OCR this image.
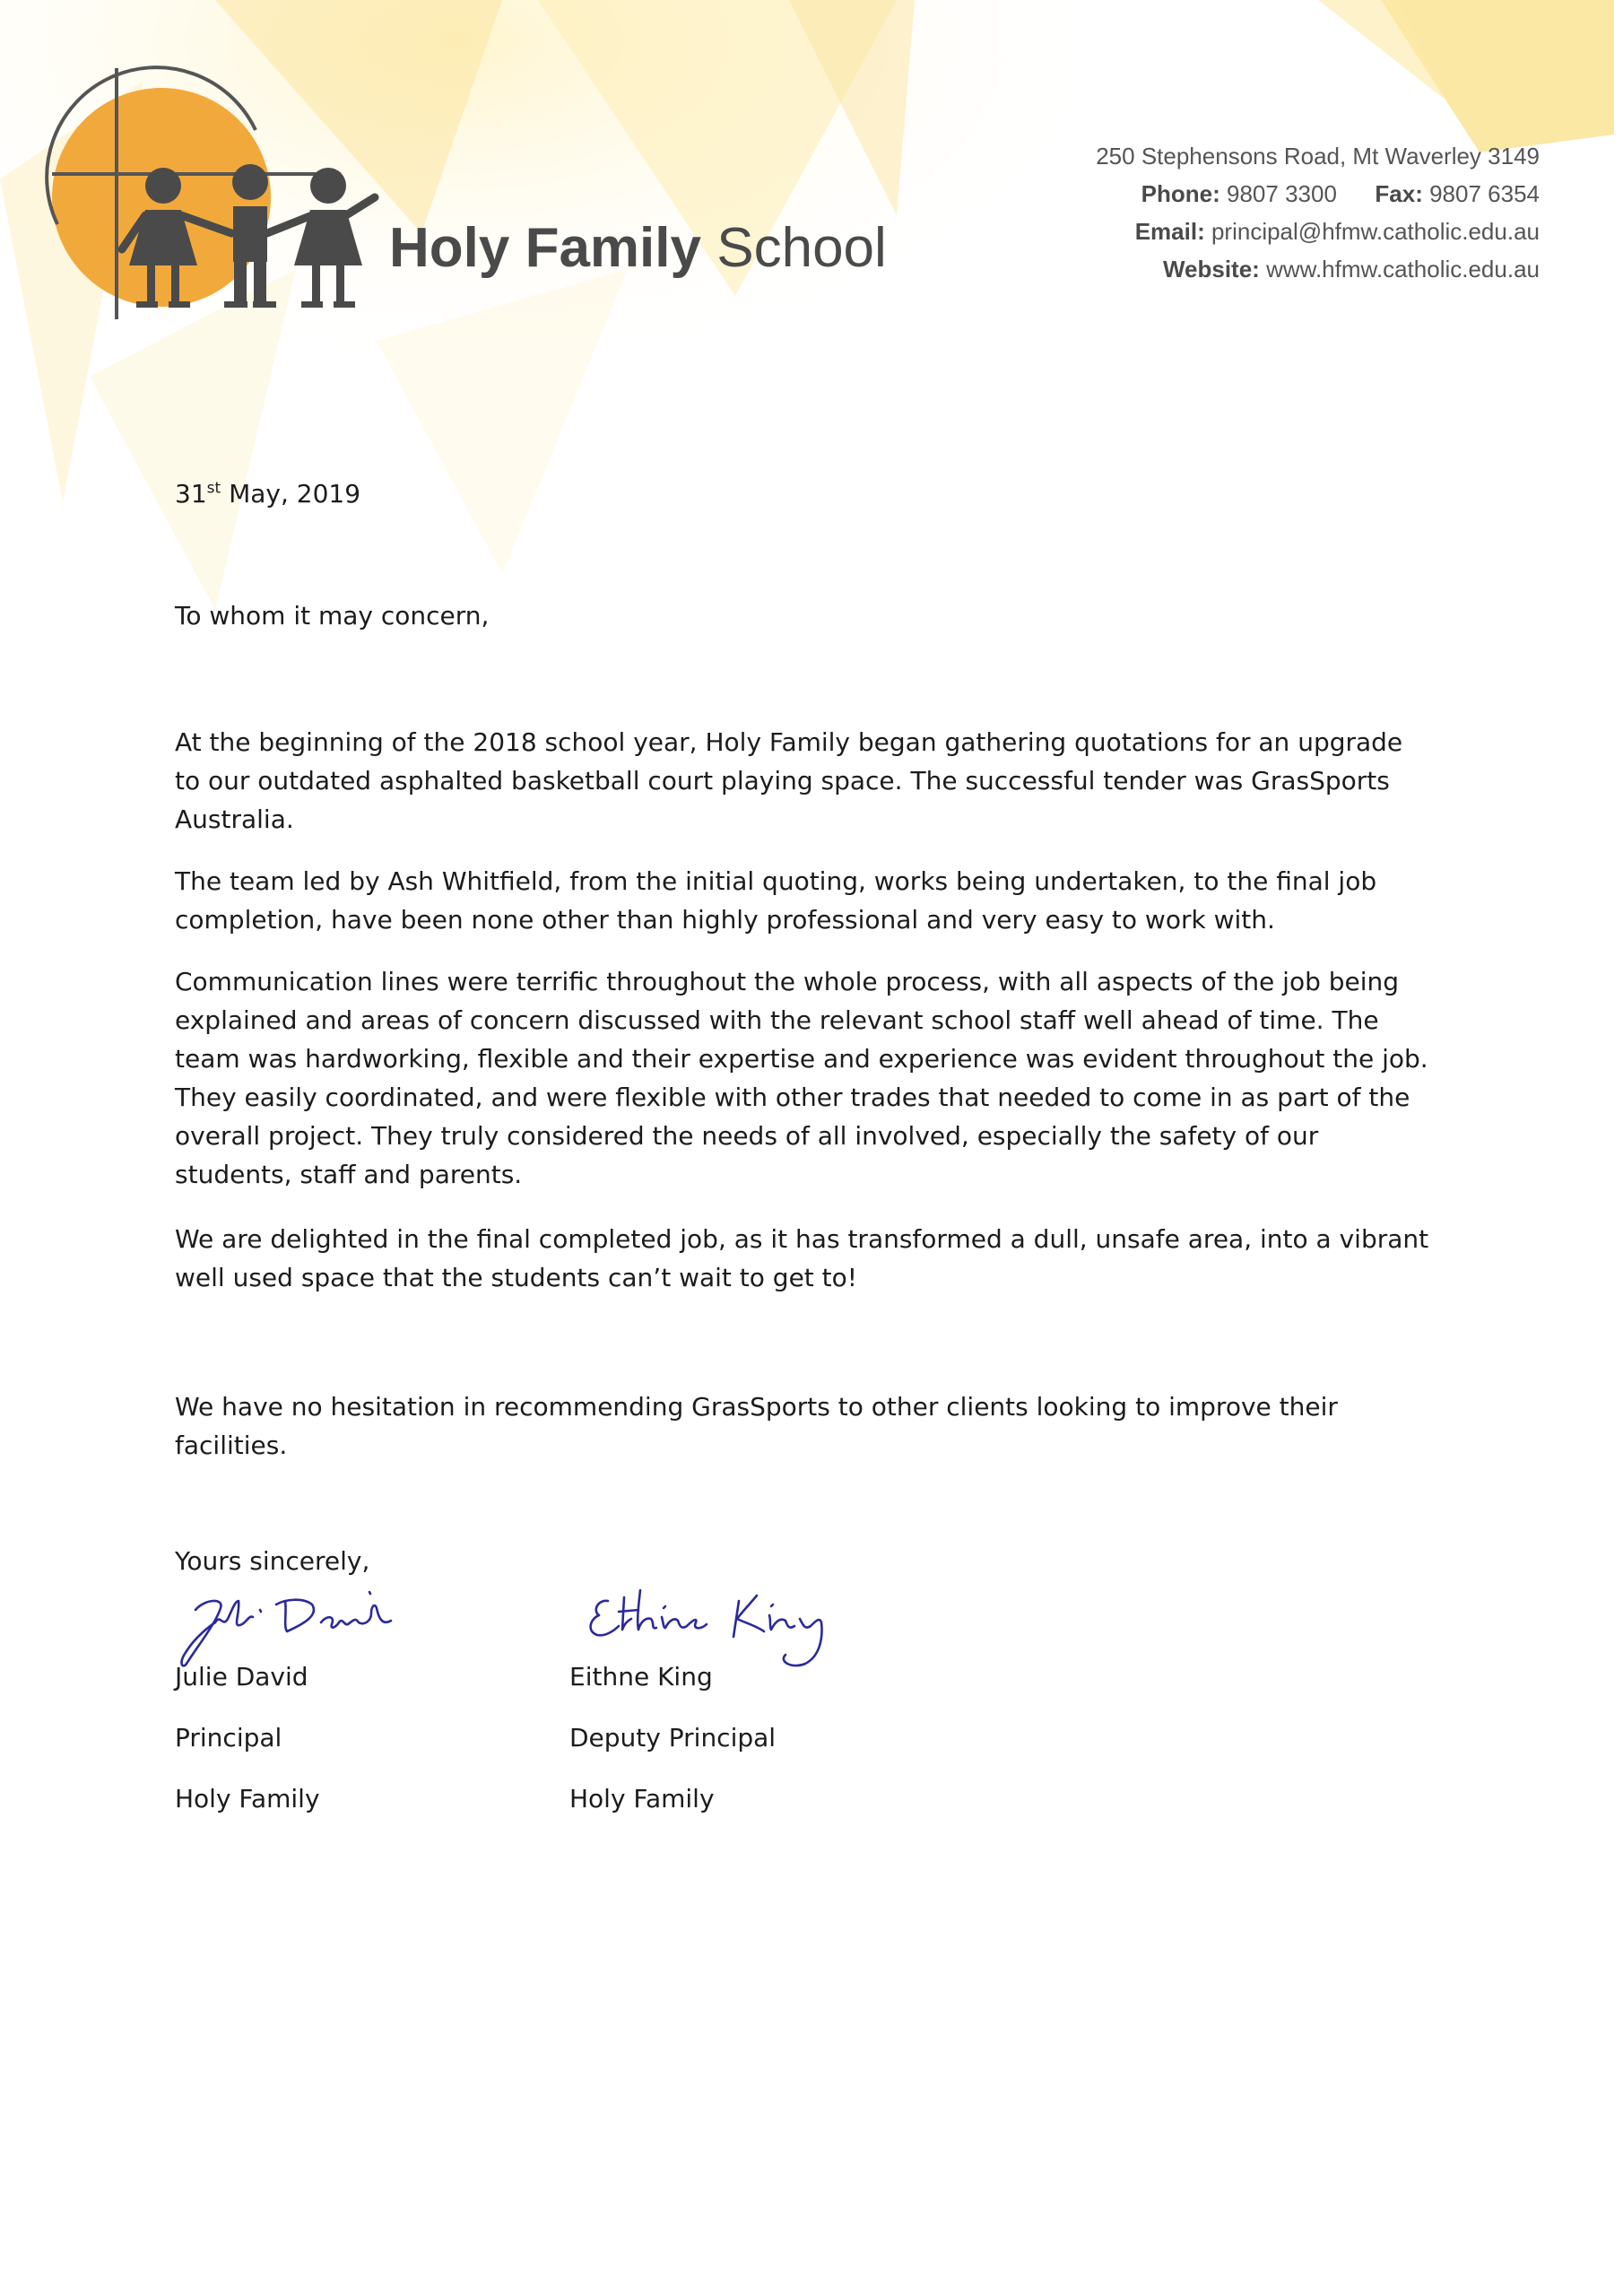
Holy Family School
250 Stephensons Road, Mt Waverley 3149
Phone: 9807 3300 Fax: 9807 6354
Email: principal@hfmw.catholic.edu.au
Website: www.hfmw.catholic.edu.au
31st May, 2019
To whom it may concern,

At the beginning of the 2018 school year, Holy Family began gathering quotations for an upgrade to our outdated asphalted basketball court playing space. The successful tender was GrasSports Australia.

The team led by Ash Whitfield, from the initial quoting, works being undertaken, to the final job completion, have been none other than highly professional and very easy to work with.

Communication lines were terrific throughout the whole process, with all aspects of the job being explained and areas of concern discussed with the relevant school staff well ahead of time. The team was hardworking, flexible and their expertise and experience was evident throughout the job. They easily coordinated, and were flexible with other trades that needed to come in as part of the overall project. They truly considered the needs of all involved, especially the safety of our students, staff and parents.

We are delighted in the final completed job, as it has transformed a dull, unsafe area, into a vibrant well used space that the students can’t wait to get to!

We have no hesitation in recommending GrasSports to other clients looking to improve their facilities.

Yours sincerely,
Julie David
Principal
Holy Family
Eithne King
Deputy Principal
Holy Family
